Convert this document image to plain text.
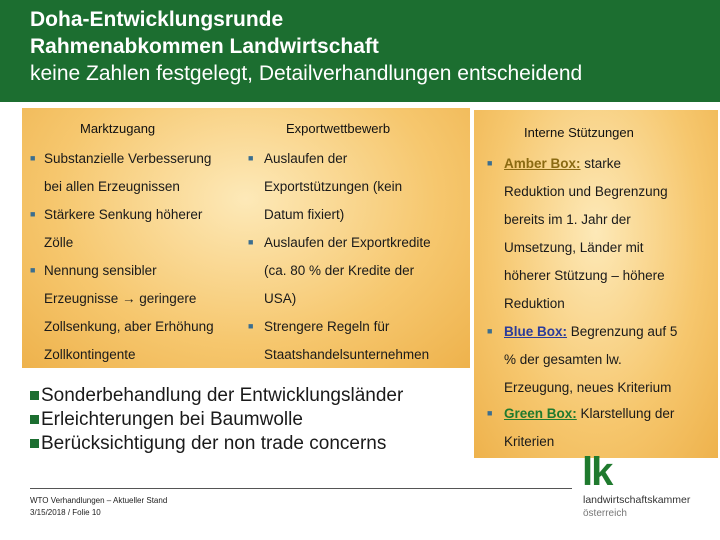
Doha-Entwicklungsrunde
Rahmenabkommen Landwirtschaft
keine Zahlen festgelegt, Detailverhandlungen entscheidend
Marktzugang
■ Substanzielle Verbesserung
bei allen Erzeugnissen
■ Stärkere Senkung höherer
Zölle
■ Nennung sensibler
Erzeugnisse → geringere
Zollsenkung, aber Erhöhung
Zollkontingente
Exportwettbewerb
■ Auslaufen der
Exportstützungen (kein
Datum fixiert)
■ Auslaufen der Exportkredite
(ca. 80 % der Kredite der
USA)
■ Strengere Regeln für
Staatshandelsunternehmen
Interne Stützungen
■ Amber Box: starke
Reduktion und Begrenzung
bereits im 1. Jahr der
Umsetzung, Länder mit
höherer Stützung – höhere
Reduktion
■ Blue Box: Begrenzung auf 5
% der gesamten lw.
Erzeugung, neues Kriterium
■ Green Box: Klarstellung der
Kriterien
Sonderbehandlung der Entwicklungsländer
Erleichterungen bei Baumwolle
Berücksichtigung der non trade concerns
WTO Verhandlungen – Aktueller Stand
3/15/2018 / Folie 10
lk
landwirtschaftskammer
österreich
